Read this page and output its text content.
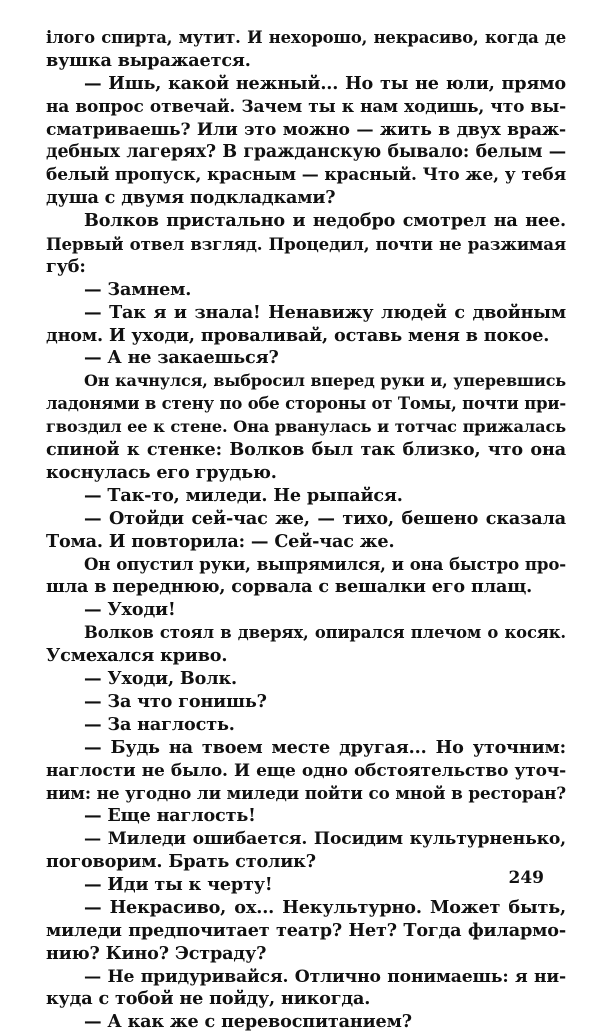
ілого спирта, мутит. И нехорошо, некрасиво, когда де
вушка выражается.
— Ишь, какой нежный... Но ты не юли, прямо
на вопрос отвечай. Зачем ты к нам ходишь, что вы-
сматриваешь? Или это можно — жить в двух враж-
дебных лагерях? В гражданскую бывало: белым —
белый пропуск, красным — красный. Что же, у тебя
душа с двумя подкладками?
Волков пристально и недобро смотрел на нее.
Первый отвел взгляд. Процедил, почти не разжимая
губ:
— Замнем.
— Так я и знала! Ненавижу людей с двойным
дном. И уходи, проваливай, оставь меня в покое.
— А не закаешься?
Он качнулся, выбросил вперед руки и, уперевшись
ладонями в стену по обе стороны от Томы, почти при-
гвоздил ее к стене. Она рванулась и тотчас прижалась
спиной к стенке: Волков был так близко, что она
коснулась его грудью.
— Так-то, миледи. Не рыпайся.
— Отойди сей-час же, — тихо, бешено сказала
Тома. И повторила: — Сей-час же.
Он опустил руки, выпрямился, и она быстро про-
шла в переднюю, сорвала с вешалки его плащ.
— Уходи!
Волков стоял в дверях, опирался плечом о косяк.
Усмехался криво.
— Уходи, Волк.
— За что гонишь?
— За наглость.
— Будь на твоем месте другая... Но уточним:
наглости не было. И еще одно обстоятельство уточ-
ним: не угодно ли миледи пойти со мной в ресторан?
— Еще наглость!
— Миледи ошибается. Посидим культурненько,
поговорим. Брать столик?
— Иди ты к черту!
— Некрасиво, ох... Некультурно. Может быть,
миледи предпочитает театр? Нет? Тогда филармо-
нию? Кино? Эстраду?
— Не придуривайся. Отлично понимаешь: я ни-
куда с тобой не пойду, никогда.
— А как же с перевоспитанием?
249
